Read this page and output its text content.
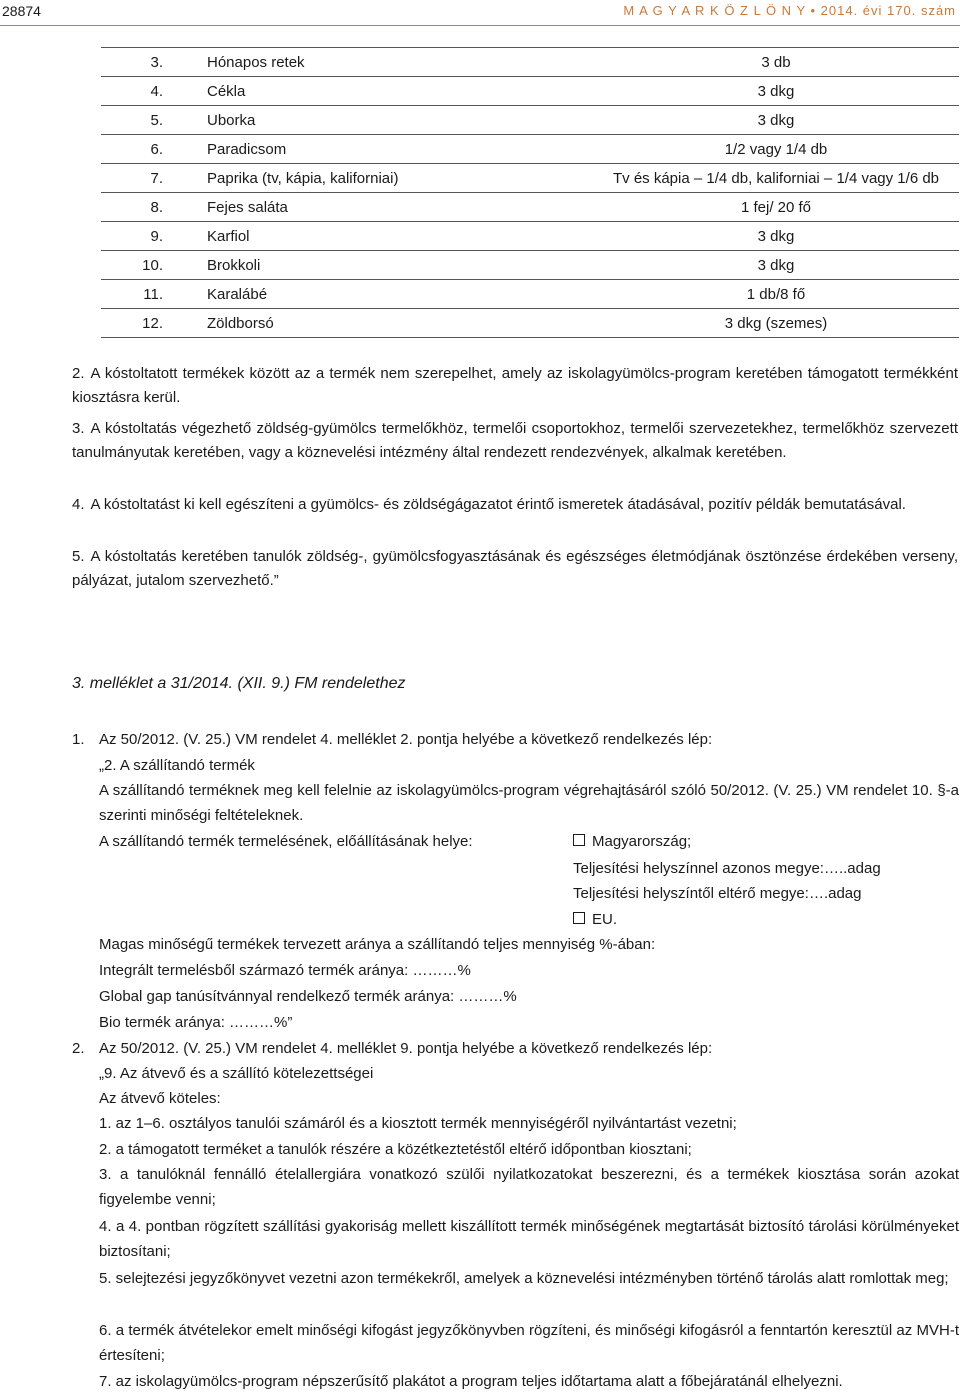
28874	M A G Y A R K Ö Z L Ö N Y • 2014. évi 170. szám
3.	Hónapos retek	3 db
4.	Cékla	3 dkg
5.	Uborka	3 dkg
6.	Paradicsom	1/2 vagy 1/4 db
7.	Paprika (tv, kápia, kaliforniai)	Tv és kápia – 1/4 db, kaliforniai – 1/4 vagy 1/6 db
8.	Fejes saláta	1 fej/ 20 fő
9.	Karfiol	3 dkg
10.	Brokkoli	3 dkg
11.	Karalábé	1 db/8 fő
12.	Zöldborsó	3 dkg (szemes)
2. A kóstoltatott termékek között az a termék nem szerepelhet, amely az iskolagyümölcs-program keretében támogatott termékként kiosztásra kerül.
3. A kóstoltatás végezhető zöldség-gyümölcs termelőkhöz, termelői csoportokhoz, termelői szervezetekhez, termelőkhöz szervezett tanulmányutak keretében, vagy a köznevelési intézmény által rendezett rendezvények, alkalmak keretében.
4. A kóstoltatást ki kell egészíteni a gyümölcs- és zöldségágazatot érintő ismeretek átadásával, pozitív példák bemutatásával.
5. A kóstoltatás keretében tanulók zöldség-, gyümölcsfogyasztásának és egészséges életmódjának ösztönzése érdekében verseny, pályázat, jutalom szervezhető.”
3. melléklet a 31/2014. (XII. 9.) FM rendelethez
1. Az 50/2012. (V. 25.) VM rendelet 4. melléklet 2. pontja helyébe a következő rendelkezés lép:
„2. A szállítandó termék
A szállítandó terméknek meg kell felelnie az iskolagyümölcs-program végrehajtásáról szóló 50/2012. (V. 25.) VM rendelet 10. §-a szerinti minőségi feltételeknek.
A szállítandó termék termelésének, előállításának helye:	Magyarország;
Teljesítési helyszínnel azonos megye:…..adag
Teljesítési helyszíntől eltérő megye:….adag
EU.
Magas minőségű termékek tervezett aránya a szállítandó teljes mennyiség %-ában:
Integrált termelésből származó termék aránya: ………%
Global gap tanúsítvánnyal rendelkező termék aránya: ………%
Bio termék aránya: ………%”
2. Az 50/2012. (V. 25.) VM rendelet 4. melléklet 9. pontja helyébe a következő rendelkezés lép:
„9. Az átvevő és a szállító kötelezettségei
Az átvevő köteles:
1. az 1–6. osztályos tanulói számáról és a kiosztott termék mennyiségéről nyilvántartást vezetni;
2. a támogatott terméket a tanulók részére a közétkeztetéstől eltérő időpontban kiosztani;
3. a tanulóknál fennálló ételallergiára vonatkozó szülői nyilatkozatokat beszerezni, és a termékek kiosztása során azokat figyelembe venni;
4. a 4. pontban rögzített szállítási gyakoriság mellett kiszállított termék minőségének megtartását biztosító tárolási körülményeket biztosítani;
5. selejtezési jegyzőkönyvet vezetni azon termékekről, amelyek a köznevelési intézményben történő tárolás alatt romlottak meg;
6. a termék átvételekor emelt minőségi kifogást jegyzőkönyvben rögzíteni, és minőségi kifogásról a fenntartón keresztül az MVH-t értesíteni;
7. az iskolagyümölcs-program népszerűsítő plakátot a program teljes időtartama alatt a főbejáratánál elhelyezni.
